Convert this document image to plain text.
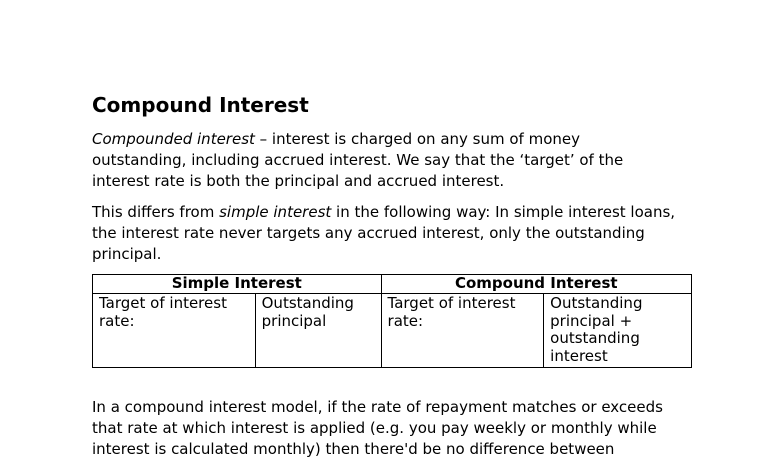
Compound Interest

Compounded interest – interest is charged on any sum of money
outstanding, including accrued interest. We say that the ‘target’ of the
interest rate is both the principal and accrued interest.

This differs from simple interest in the following way: In simple interest loans,
the interest rate never targets any accrued interest, only the outstanding
principal.

Simple Interest		Compound Interest	
Target of interest rate:	Outstanding principal	Target of interest rate:	Outstanding principal + outstanding interest

In a compound interest model, if the rate of repayment matches or exceeds
that rate at which interest is applied (e.g. you pay weekly or monthly while
interest is calculated monthly) then there'd be no difference between
